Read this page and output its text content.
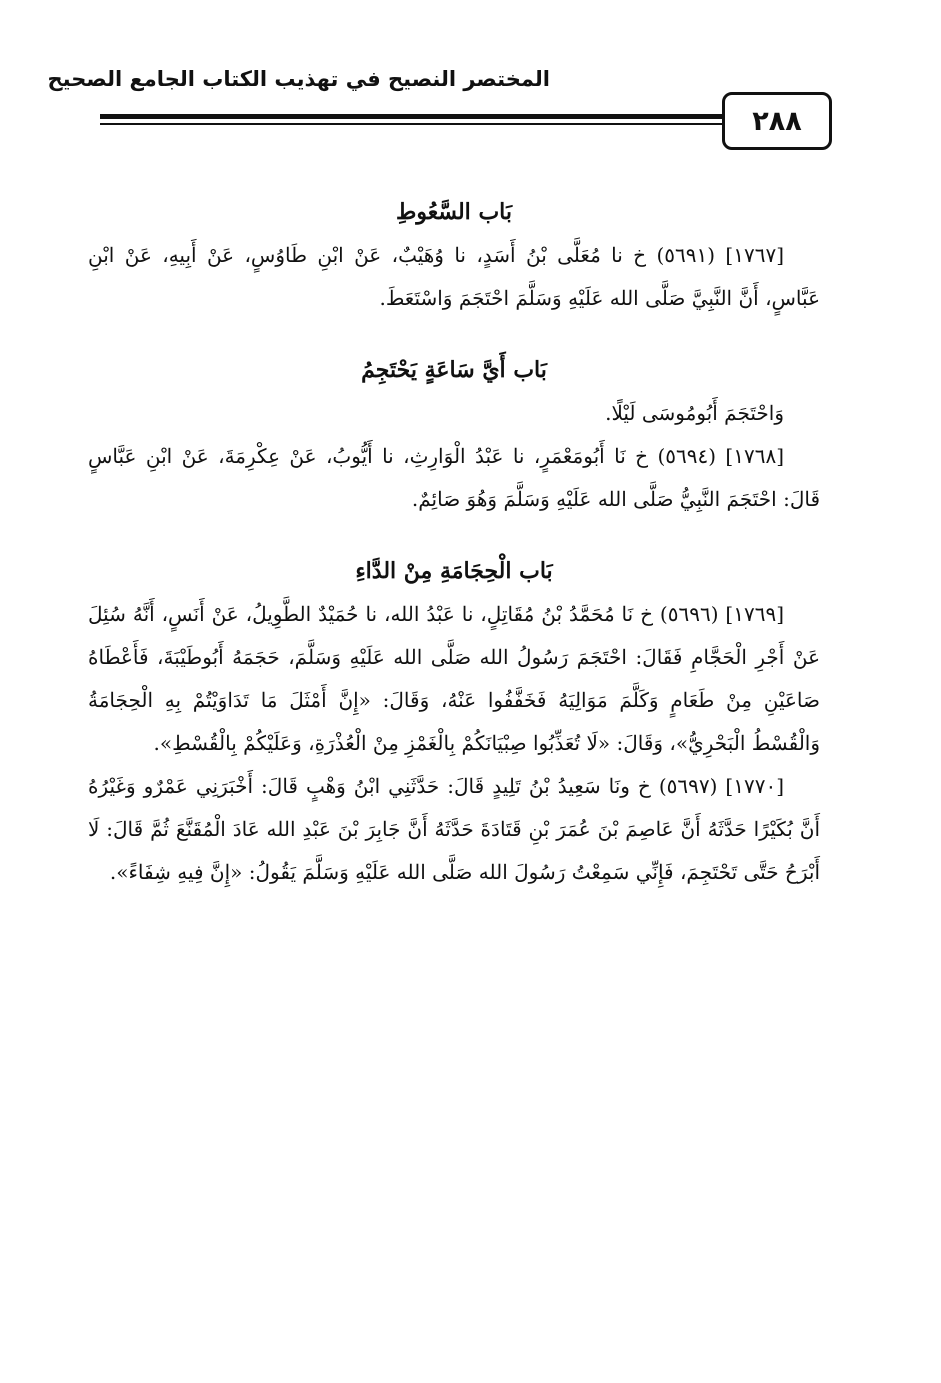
المختصر النصيح في تهذيب الكتاب الجامع الصحيح
٢٨٨

بَاب السَّعُوطِ

[١٧٦٧] (٥٦٩١) خ نا مُعَلَّى بْنُ أَسَدٍ، نا وُهَيْبٌ، عَنْ ابْنِ طَاوُسٍ، عَنْ أَبِيهِ، عَنْ ابْنِ عَبَّاسٍ، أَنَّ النَّبِيَّ صَلَّى الله عَلَيْهِ وَسَلَّمَ احْتَجَمَ وَاسْتَعَطَ.

بَاب أَيَّ سَاعَةٍ يَحْتَجِمُ

وَاحْتَجَمَ أَبُومُوسَى لَيْلًا.

[١٧٦٨] (٥٦٩٤) خ نَا أَبُومَعْمَرٍ، نا عَبْدُ الْوَارِثِ، نا أَيُّوبُ، عَنْ عِكْرِمَةَ، عَنْ ابْنِ عَبَّاسٍ قَالَ: احْتَجَمَ النَّبِيُّ صَلَّى الله عَلَيْهِ وَسَلَّمَ وَهُوَ صَائِمٌ.

بَاب الْحِجَامَةِ مِنْ الدَّاءِ

[١٧٦٩] (٥٦٩٦) خ نَا مُحَمَّدُ بْنُ مُقَاتِلٍ، نا عَبْدُ الله، نا حُمَيْدٌ الطَّوِيلُ، عَنْ أَنَسٍ، أَنَّهُ سُئِلَ عَنْ أَجْرِ الْحَجَّامِ فَقَالَ: احْتَجَمَ رَسُولُ الله صَلَّى الله عَلَيْهِ وَسَلَّمَ، حَجَمَهُ أَبُوطَيْبَةَ، فَأَعْطَاهُ صَاعَيْنِ مِنْ طَعَامٍ وَكَلَّمَ مَوَالِيَهُ فَخَفَّفُوا عَنْهُ، وَقَالَ: «إِنَّ أَمْثَلَ مَا تَدَاوَيْتُمْ بِهِ الْحِجَامَةُ وَالْقُسْطُ الْبَحْرِيُّ»، وَقَالَ: «لَا تُعَذِّبُوا صِبْيَانَكُمْ بِالْغَمْزِ مِنْ الْعُذْرَةِ، وَعَلَيْكُمْ بِالْقُسْطِ».

[١٧٧٠] (٥٦٩٧) خ ونَا سَعِيدُ بْنُ تَلِيدٍ قَالَ: حَدَّثَنِي ابْنُ وَهْبٍ قَالَ: أَخْبَرَنِي عَمْرٌو وَغَيْرُهُ أَنَّ بُكَيْرًا حَدَّثَهُ أَنَّ عَاصِمَ بْنَ عُمَرَ بْنِ قَتَادَةَ حَدَّثَهُ أَنَّ جَابِرَ بْنَ عَبْدِ الله عَادَ الْمُقَنَّعَ ثُمَّ قَالَ: لَا أَبْرَحُ حَتَّى تَحْتَجِمَ، فَإِنِّي سَمِعْتُ رَسُولَ الله صَلَّى الله عَلَيْهِ وَسَلَّمَ يَقُولُ: «إِنَّ فِيهِ شِفَاءً».
